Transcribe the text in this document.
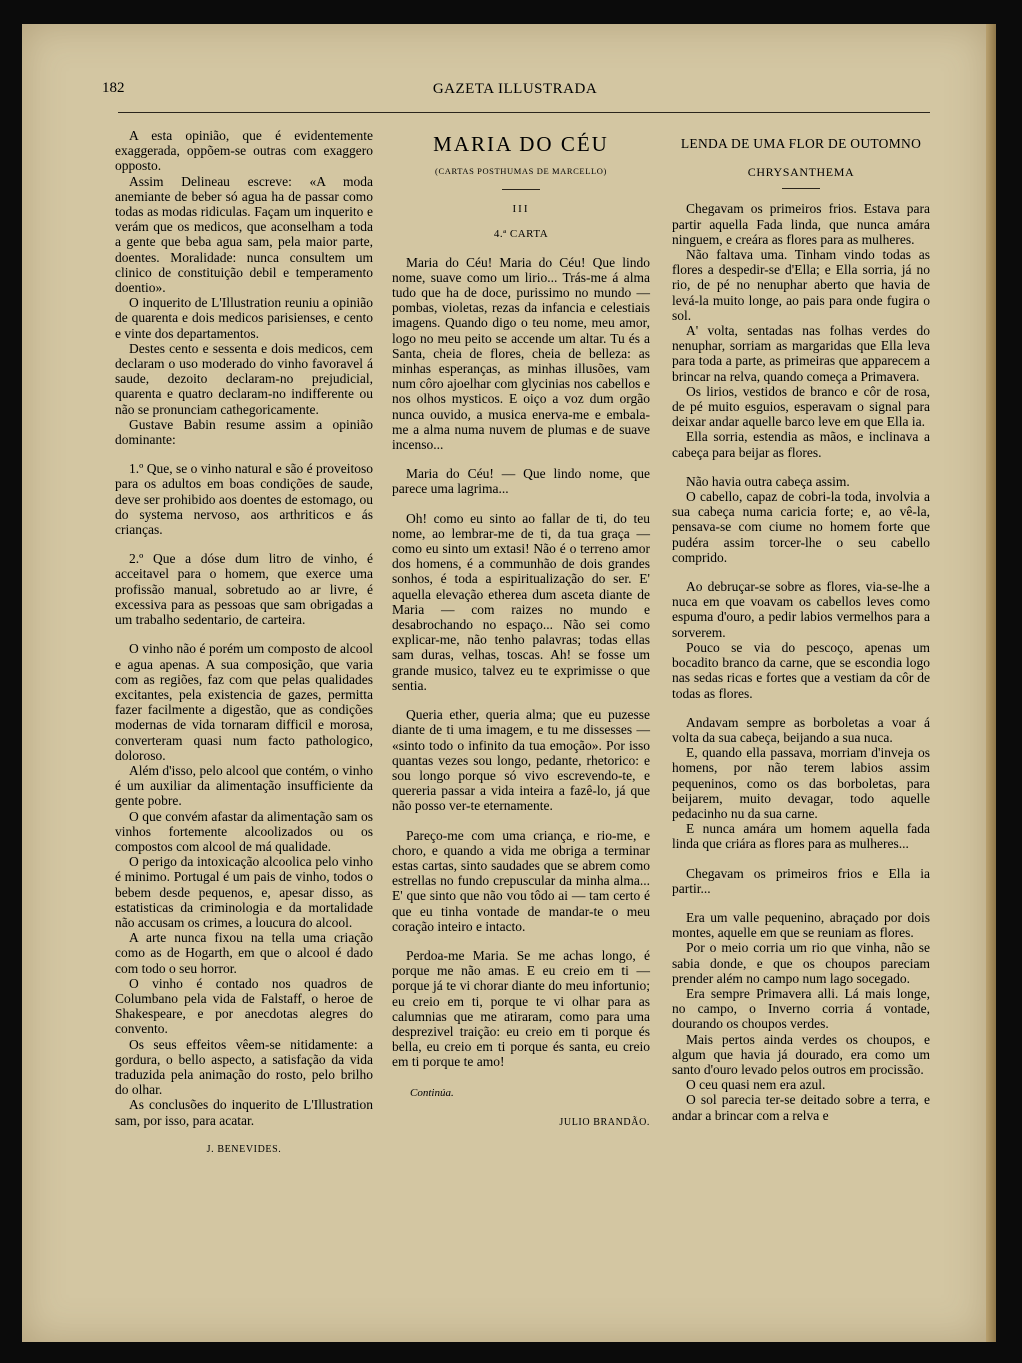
182	GAZETA ILLUSTRADA

A esta opinião, que é evidentemente exaggerada, oppõem-se outras com exaggero opposto.

Assim Delineau escreve: «A moda anemiante de beber só agua ha de passar como todas as modas ridiculas. Façam um inquerito e verám que os medicos, que aconselham a toda a gente que beba agua sam, pela maior parte, doentes. Moralidade: nunca consultem um clinico de constituição debil e temperamento doentio».

O inquerito de L'Illustration reuniu a opinião de quarenta e dois medicos parisienses, e cento e vinte dos departamentos.

Destes cento e sessenta e dois medicos, cem declaram o uso moderado do vinho favoravel á saude, dezoito declaram-no prejudicial, quarenta e quatro declaram-no indifferente ou não se pronunciam cathegoricamente.

Gustave Babin resume assim a opinião dominante:

1.º Que, se o vinho natural e são é proveitoso para os adultos em boas condições de saude, deve ser prohibido aos doentes de estomago, ou do systema nervoso, aos arthriticos e ás crianças.

2.º Que a dóse dum litro de vinho, é acceitavel para o homem, que exerce uma profissão manual, sobretudo ao ar livre, é excessiva para as pessoas que sam obrigadas a um trabalho sedentario, de carteira.

O vinho não é porém um composto de alcool e agua apenas. A sua composição, que varia com as regiões, faz com que pelas qualidades excitantes, pela existencia de gazes, permitta fazer facilmente a digestão, que as condições modernas de vida tornaram difficil e morosa, converteram quasi num facto pathologico, doloroso.

Além d'isso, pelo alcool que contém, o vinho é um auxiliar da alimentação insufficiente da gente pobre.

O que convém afastar da alimentação sam os vinhos fortemente alcoolizados ou os compostos com alcool de má qualidade.

O perigo da intoxicação alcoolica pelo vinho é minimo. Portugal é um pais de vinho, todos o bebem desde pequenos, e, apesar disso, as estatisticas da criminologia e da mortalidade não accusam os crimes, a loucura do alcool.

A arte nunca fixou na tella uma criação como as de Hogarth, em que o alcool é dado com todo o seu horror.

O vinho é contado nos quadros de Columbano pela vida de Falstaff, o heroe de Shakespeare, e por anecdotas alegres do convento.

Os seus effeitos vêem-se nitidamente: a gordura, o bello aspecto, a satisfação da vida traduzida pela animação do rosto, pelo brilho do olhar.

As conclusões do inquerito de L'Illustration sam, por isso, para acatar.

J. BENEVIDES.

MARIA DO CÉU
(CARTAS POSTHUMAS DE MARCELLO)
III
4.ª CARTA

Maria do Céu! Maria do Céu! Que lindo nome, suave como um lirio... Trás-me á alma tudo que ha de doce, purissimo no mundo — pombas, violetas, rezas da infancia e celestiais imagens. Quando digo o teu nome, meu amor, logo no meu peito se accende um altar. Tu és a Santa, cheia de flores, cheia de belleza: as minhas esperanças, as minhas illusões, vam num côro ajoelhar com glycinias nos cabellos e nos olhos mysticos. E oiço a voz dum orgão nunca ouvido, a musica enerva-me e embala-me a alma numa nuvem de plumas e de suave incenso...

Maria do Céu! — Que lindo nome, que parece uma lagrima...

Oh! como eu sinto ao fallar de ti, do teu nome, ao lembrar-me de ti, da tua graça — como eu sinto um extasi! Não é o terreno amor dos homens, é a communhão de dois grandes sonhos, é toda a espiritualização do ser. E' aquella elevação etherea dum asceta diante de Maria — com raizes no mundo e desabrochando no espaço... Não sei como explicar-me, não tenho palavras; todas ellas sam duras, velhas, toscas. Ah! se fosse um grande musico, talvez eu te exprimisse o que sentia.

Queria ether, queria alma; que eu puzesse diante de ti uma imagem, e tu me dissesses — «sinto todo o infinito da tua emoção». Por isso quantas vezes sou longo, pedante, rhetorico: e sou longo porque só vivo escrevendo-te, e quereria passar a vida inteira a fazê-lo, já que não posso ver-te eternamente.

Pareço-me com uma criança, e rio-me, e choro, e quando a vida me obriga a terminar estas cartas, sinto saudades que se abrem como estrellas no fundo crepuscular da minha alma... E' que sinto que não vou tôdo ai — tam certo é que eu tinha vontade de mandar-te o meu coração inteiro e intacto.

Perdoa-me Maria. Se me achas longo, é porque me não amas. E eu creio em ti — porque já te vi chorar diante do meu infortunio; eu creio em ti, porque te vi olhar para as calumnias que me atiraram, como para uma desprezivel traição: eu creio em ti porque és bella, eu creio em ti porque és santa, eu creio em ti porque te amo!

Continúa.

JULIO BRANDÃO.

LENDA DE UMA FLOR DE OUTOMNO
CHRYSANTHEMA

Chegavam os primeiros frios. Estava para partir aquella Fada linda, que nunca amára ninguem, e creára as flores para as mulheres.

Não faltava uma. Tinham vindo todas as flores a despedir-se d'Ella; e Ella sorria, já no rio, de pé no nenuphar aberto que havia de levá-la muito longe, ao pais para onde fugira o sol.

A' volta, sentadas nas folhas verdes do nenuphar, sorriam as margaridas que Ella leva para toda a parte, as primeiras que apparecem a brincar na relva, quando começa a Primavera.

Os lirios, vestidos de branco e côr de rosa, de pé muito esguios, esperavam o signal para deixar andar aquelle barco leve em que Ella ia.

Ella sorria, estendia as mãos, e inclinava a cabeça para beijar as flores.

Não havia outra cabeça assim.

O cabello, capaz de cobri-la toda, involvia a sua cabeça numa caricia forte; e, ao vê-la, pensava-se com ciume no homem forte que pudéra assim torcer-lhe o seu cabello comprido.

Ao debruçar-se sobre as flores, via-se-lhe a nuca em que voavam os cabellos leves como espuma d'ouro, a pedir labios vermelhos para a sorverem.

Pouco se via do pescoço, apenas um bocadito branco da carne, que se escondia logo nas sedas ricas e fortes que a vestiam da côr de todas as flores.

Andavam sempre as borboletas a voar á volta da sua cabeça, beijando a sua nuca.

E, quando ella passava, morriam d'inveja os homens, por não terem labios assim pequeninos, como os das borboletas, para beijarem, muito devagar, todo aquelle pedacinho nu da sua carne.

E nunca amára um homem aquella fada linda que criára as flores para as mulheres...

Chegavam os primeiros frios e Ella ia partir...

Era um valle pequenino, abraçado por dois montes, aquelle em que se reuniam as flores.

Por o meio corria um rio que vinha, não se sabia donde, e que os choupos pareciam prender além no campo num lago socegado.

Era sempre Primavera alli. Lá mais longe, no campo, o Inverno corria á vontade, dourando os choupos verdes.

Mais pertos ainda verdes os choupos, e algum que havia já dourado, era como um santo d'ouro levado pelos outros em procissão.

O ceu quasi nem era azul.

O sol parecia ter-se deitado sobre a terra, e andar a brincar com a relva e
